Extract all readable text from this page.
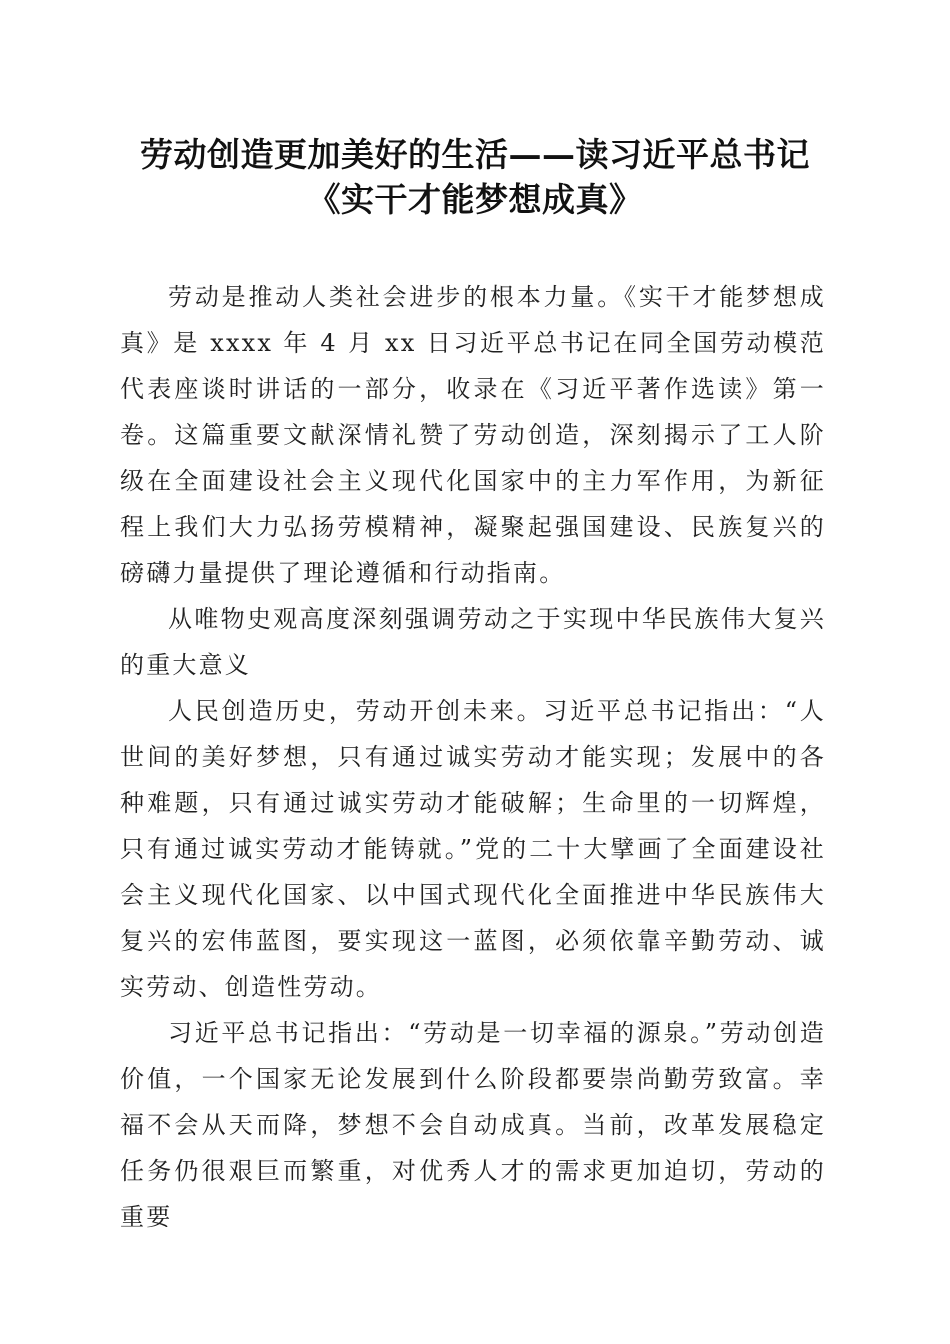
劳动创造更加美好的生活——读习近平总书记
《实干才能梦想成真》

劳动是推动人类社会进步的根本力量。《实干才能梦想成真》是 xxxx 年 4 月 xx 日习近平总书记在同全国劳动模范代表座谈时讲话的一部分，收录在《习近平著作选读》第一卷。这篇重要文献深情礼赞了劳动创造，深刻揭示了工人阶级在全面建设社会主义现代化国家中的主力军作用，为新征程上我们大力弘扬劳模精神，凝聚起强国建设、民族复兴的磅礴力量提供了理论遵循和行动指南。

从唯物史观高度深刻强调劳动之于实现中华民族伟大复兴的重大意义

人民创造历史，劳动开创未来。习近平总书记指出：“人世间的美好梦想，只有通过诚实劳动才能实现；发展中的各种难题，只有通过诚实劳动才能破解；生命里的一切辉煌，只有通过诚实劳动才能铸就。”党的二十大擘画了全面建设社会主义现代化国家、以中国式现代化全面推进中华民族伟大复兴的宏伟蓝图，要实现这一蓝图，必须依靠辛勤劳动、诚实劳动、创造性劳动。

习近平总书记指出：“劳动是一切幸福的源泉。”劳动创造价值，一个国家无论发展到什么阶段都要崇尚勤劳致富。幸福不会从天而降，梦想不会自动成真。当前，改革发展稳定任务仍很艰巨而繁重，对优秀人才的需求更加迫切，劳动的重要
